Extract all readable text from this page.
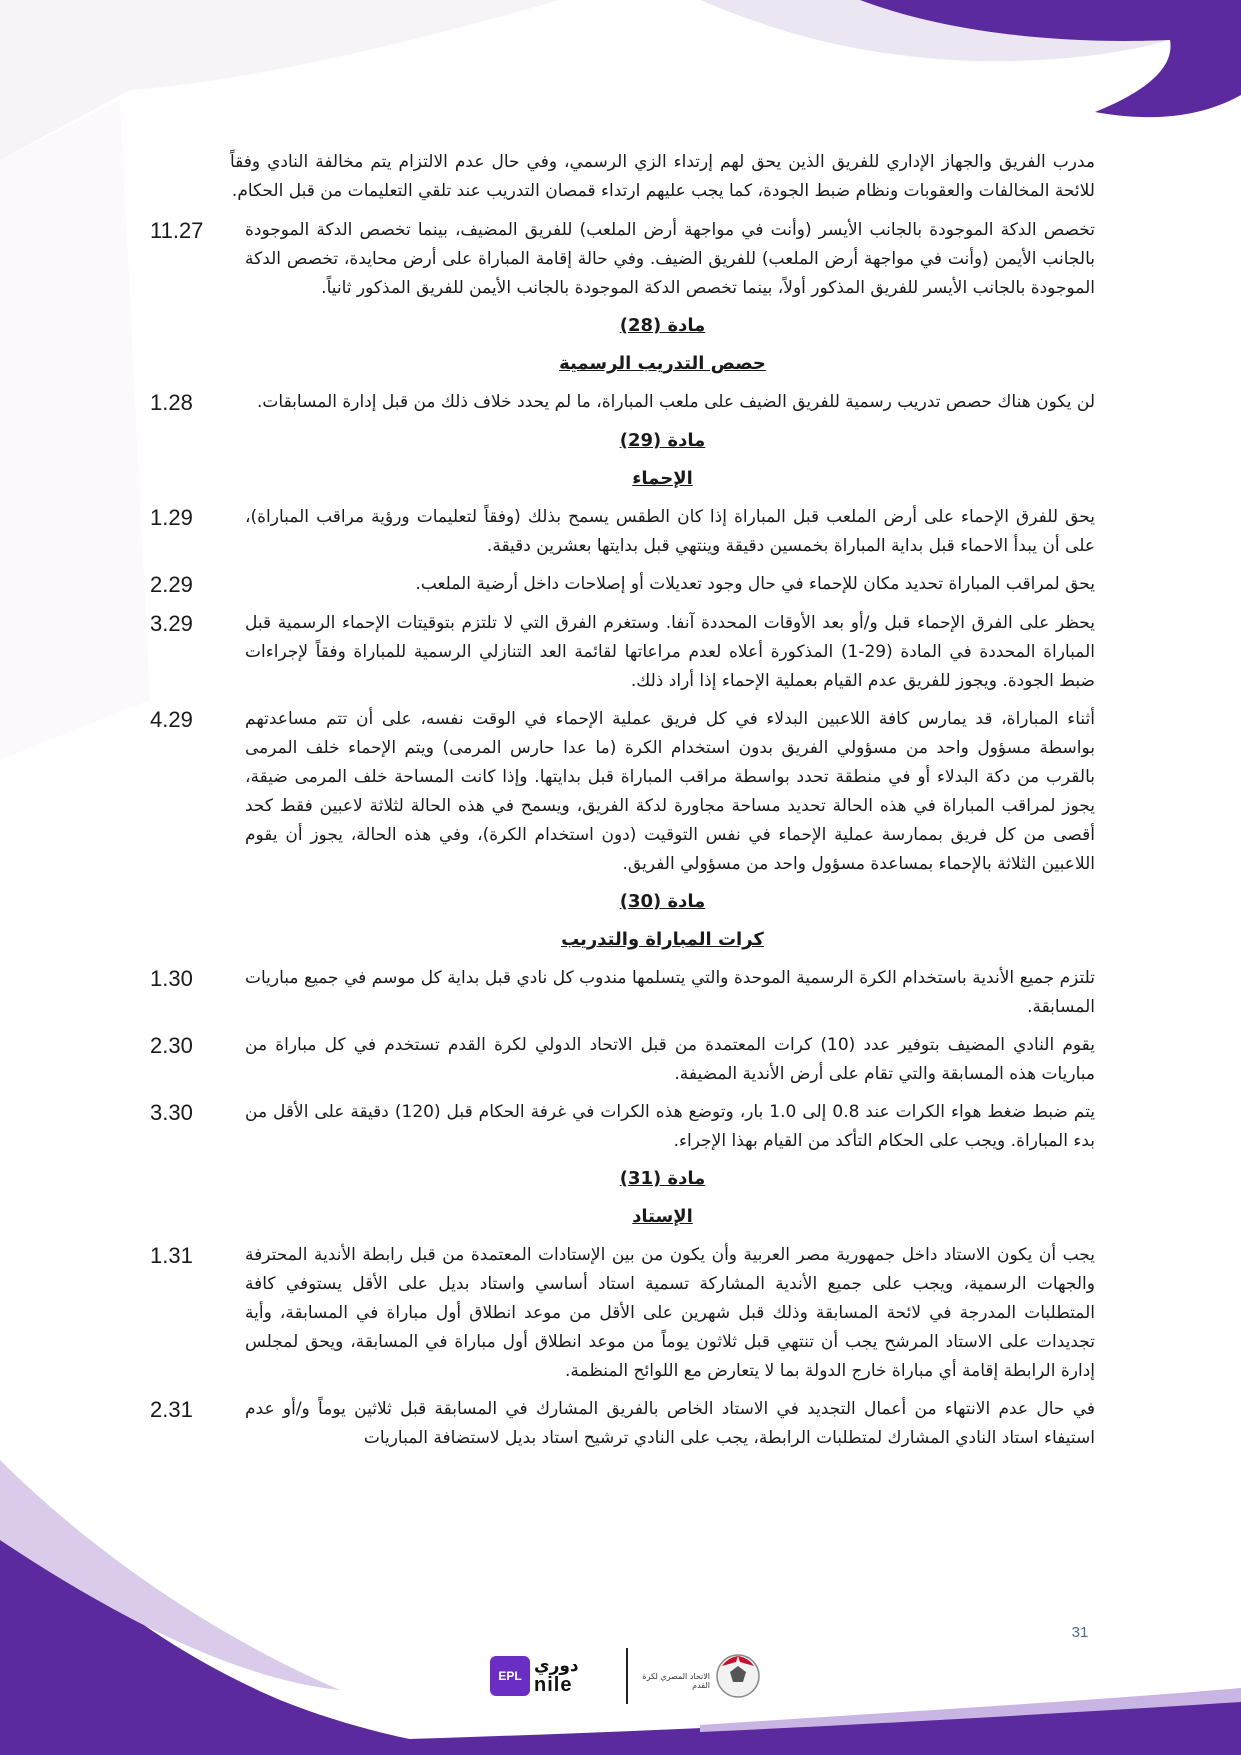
مدرب الفريق والجهاز الإداري للفريق الذين يحق لهم إرتداء الزي الرسمي، وفي حال عدم الالتزام يتم مخالفة النادي وفقاً للائحة المخالفات والعقوبات ونظام ضبط الجودة، كما يجب عليهم ارتداء قمصان التدريب عند تلقي التعليمات من قبل الحكام.
تخصص الدكة الموجودة بالجانب الأيسر (وأنت في مواجهة أرض الملعب) للفريق المضيف، بينما تخصص الدكة الموجودة بالجانب الأيمن (وأنت في مواجهة أرض الملعب) للفريق الضيف. وفي حالة إقامة المباراة على أرض محايدة، تخصص الدكة الموجودة بالجانب الأيسر للفريق المذكور أولاً، بينما تخصص الدكة الموجودة بالجانب الأيمن للفريق المذكور ثانياً.
11.27
مادة (28)
حصص التدريب الرسمية
لن يكون هناك حصص تدريب رسمية للفريق الضيف على ملعب المباراة، ما لم يحدد خلاف ذلك من قبل إدارة المسابقات.
1.28
مادة (29)
الإحماء
يحق للفرق الإحماء على أرض الملعب قبل المباراة إذا كان الطقس يسمح بذلك (وفقاً لتعليمات ورؤية مراقب المباراة)، على أن يبدأ الاحماء قبل بداية المباراة بخمسين دقيقة وينتهي قبل بدايتها بعشرين دقيقة.
1.29
يحق لمراقب المباراة تحديد مكان للإحماء في حال وجود تعديلات أو إصلاحات داخل أرضية الملعب.
2.29
يحظر على الفرق الإحماء قبل و/أو بعد الأوقات المحددة آنفا. وستغرم الفرق التي لا تلتزم بتوقيتات الإحماء الرسمية قبل المباراة المحددة في المادة (29-1) المذكورة أعلاه لعدم مراعاتها لقائمة العد التنازلي الرسمية للمباراة وفقاً لإجراءات ضبط الجودة. ويجوز للفريق عدم القيام بعملية الإحماء إذا أراد ذلك.
3.29
أثناء المباراة، قد يمارس كافة اللاعبين البدلاء في كل فريق عملية الإحماء في الوقت نفسه، على أن تتم مساعدتهم بواسطة مسؤول واحد من مسؤولي الفريق بدون استخدام الكرة (ما عدا حارس المرمى) ويتم الإحماء خلف المرمى بالقرب من دكة البدلاء أو في منطقة تحدد بواسطة مراقب المباراة قبل بدايتها. وإذا كانت المساحة خلف المرمى ضيقة، يجوز لمراقب المباراة في هذه الحالة تحديد مساحة مجاورة لدكة الفريق، ويسمح في هذه الحالة لثلاثة لاعبين فقط كحد أقصى من كل فريق بممارسة عملية الإحماء في نفس التوقيت (دون استخدام الكرة)، وفي هذه الحالة، يجوز أن يقوم اللاعبين الثلاثة بالإحماء بمساعدة مسؤول واحد من مسؤولي الفريق.
4.29
مادة (30)
كرات المباراة والتدريب
تلتزم جميع الأندية باستخدام الكرة الرسمية الموحدة والتي يتسلمها مندوب كل نادي قبل بداية كل موسم في جميع مباريات المسابقة.
1.30
يقوم النادي المضيف بتوفير عدد (10) كرات المعتمدة من قبل الاتحاد الدولي لكرة القدم تستخدم في كل مباراة من مباريات هذه المسابقة والتي تقام على أرض الأندية المضيفة.
2.30
يتم ضبط ضغط هواء الكرات عند 0.8 إلى 1.0 بار، وتوضع هذه الكرات في غرفة الحكام قبل (120) دقيقة على الأقل من بدء المباراة. ويجب على الحكام التأكد من القيام بهذا الإجراء.
3.30
مادة (31)
الإستاد
يجب أن يكون الاستاد داخل جمهورية مصر العربية وأن يكون من بين الإستادات المعتمدة من قبل رابطة الأندية المحترفة والجهات الرسمية، ويجب على جميع الأندية المشاركة تسمية استاد أساسي واستاد بديل على الأقل يستوفي كافة المتطلبات المدرجة في لائحة المسابقة وذلك قبل شهرين على الأقل من موعد انطلاق أول مباراة في المسابقة، وأية تجديدات على الاستاد المرشح يجب أن تنتهي قبل ثلاثون يوماً من موعد انطلاق أول مباراة في المسابقة، ويحق لمجلس إدارة الرابطة إقامة أي مباراة خارج الدولة بما لا يتعارض مع اللوائح المنظمة.
1.31
في حال عدم الانتهاء من أعمال التجديد في الاستاد الخاص بالفريق المشارك في المسابقة قبل ثلاثين يوماً و/أو عدم استيفاء استاد النادي المشارك لمتطلبات الرابطة، يجب على النادي ترشيح استاد بديل لاستضافة المباريات
2.31
31
EPL دوري
nile	الاتحاد المصري لكرة القدم
